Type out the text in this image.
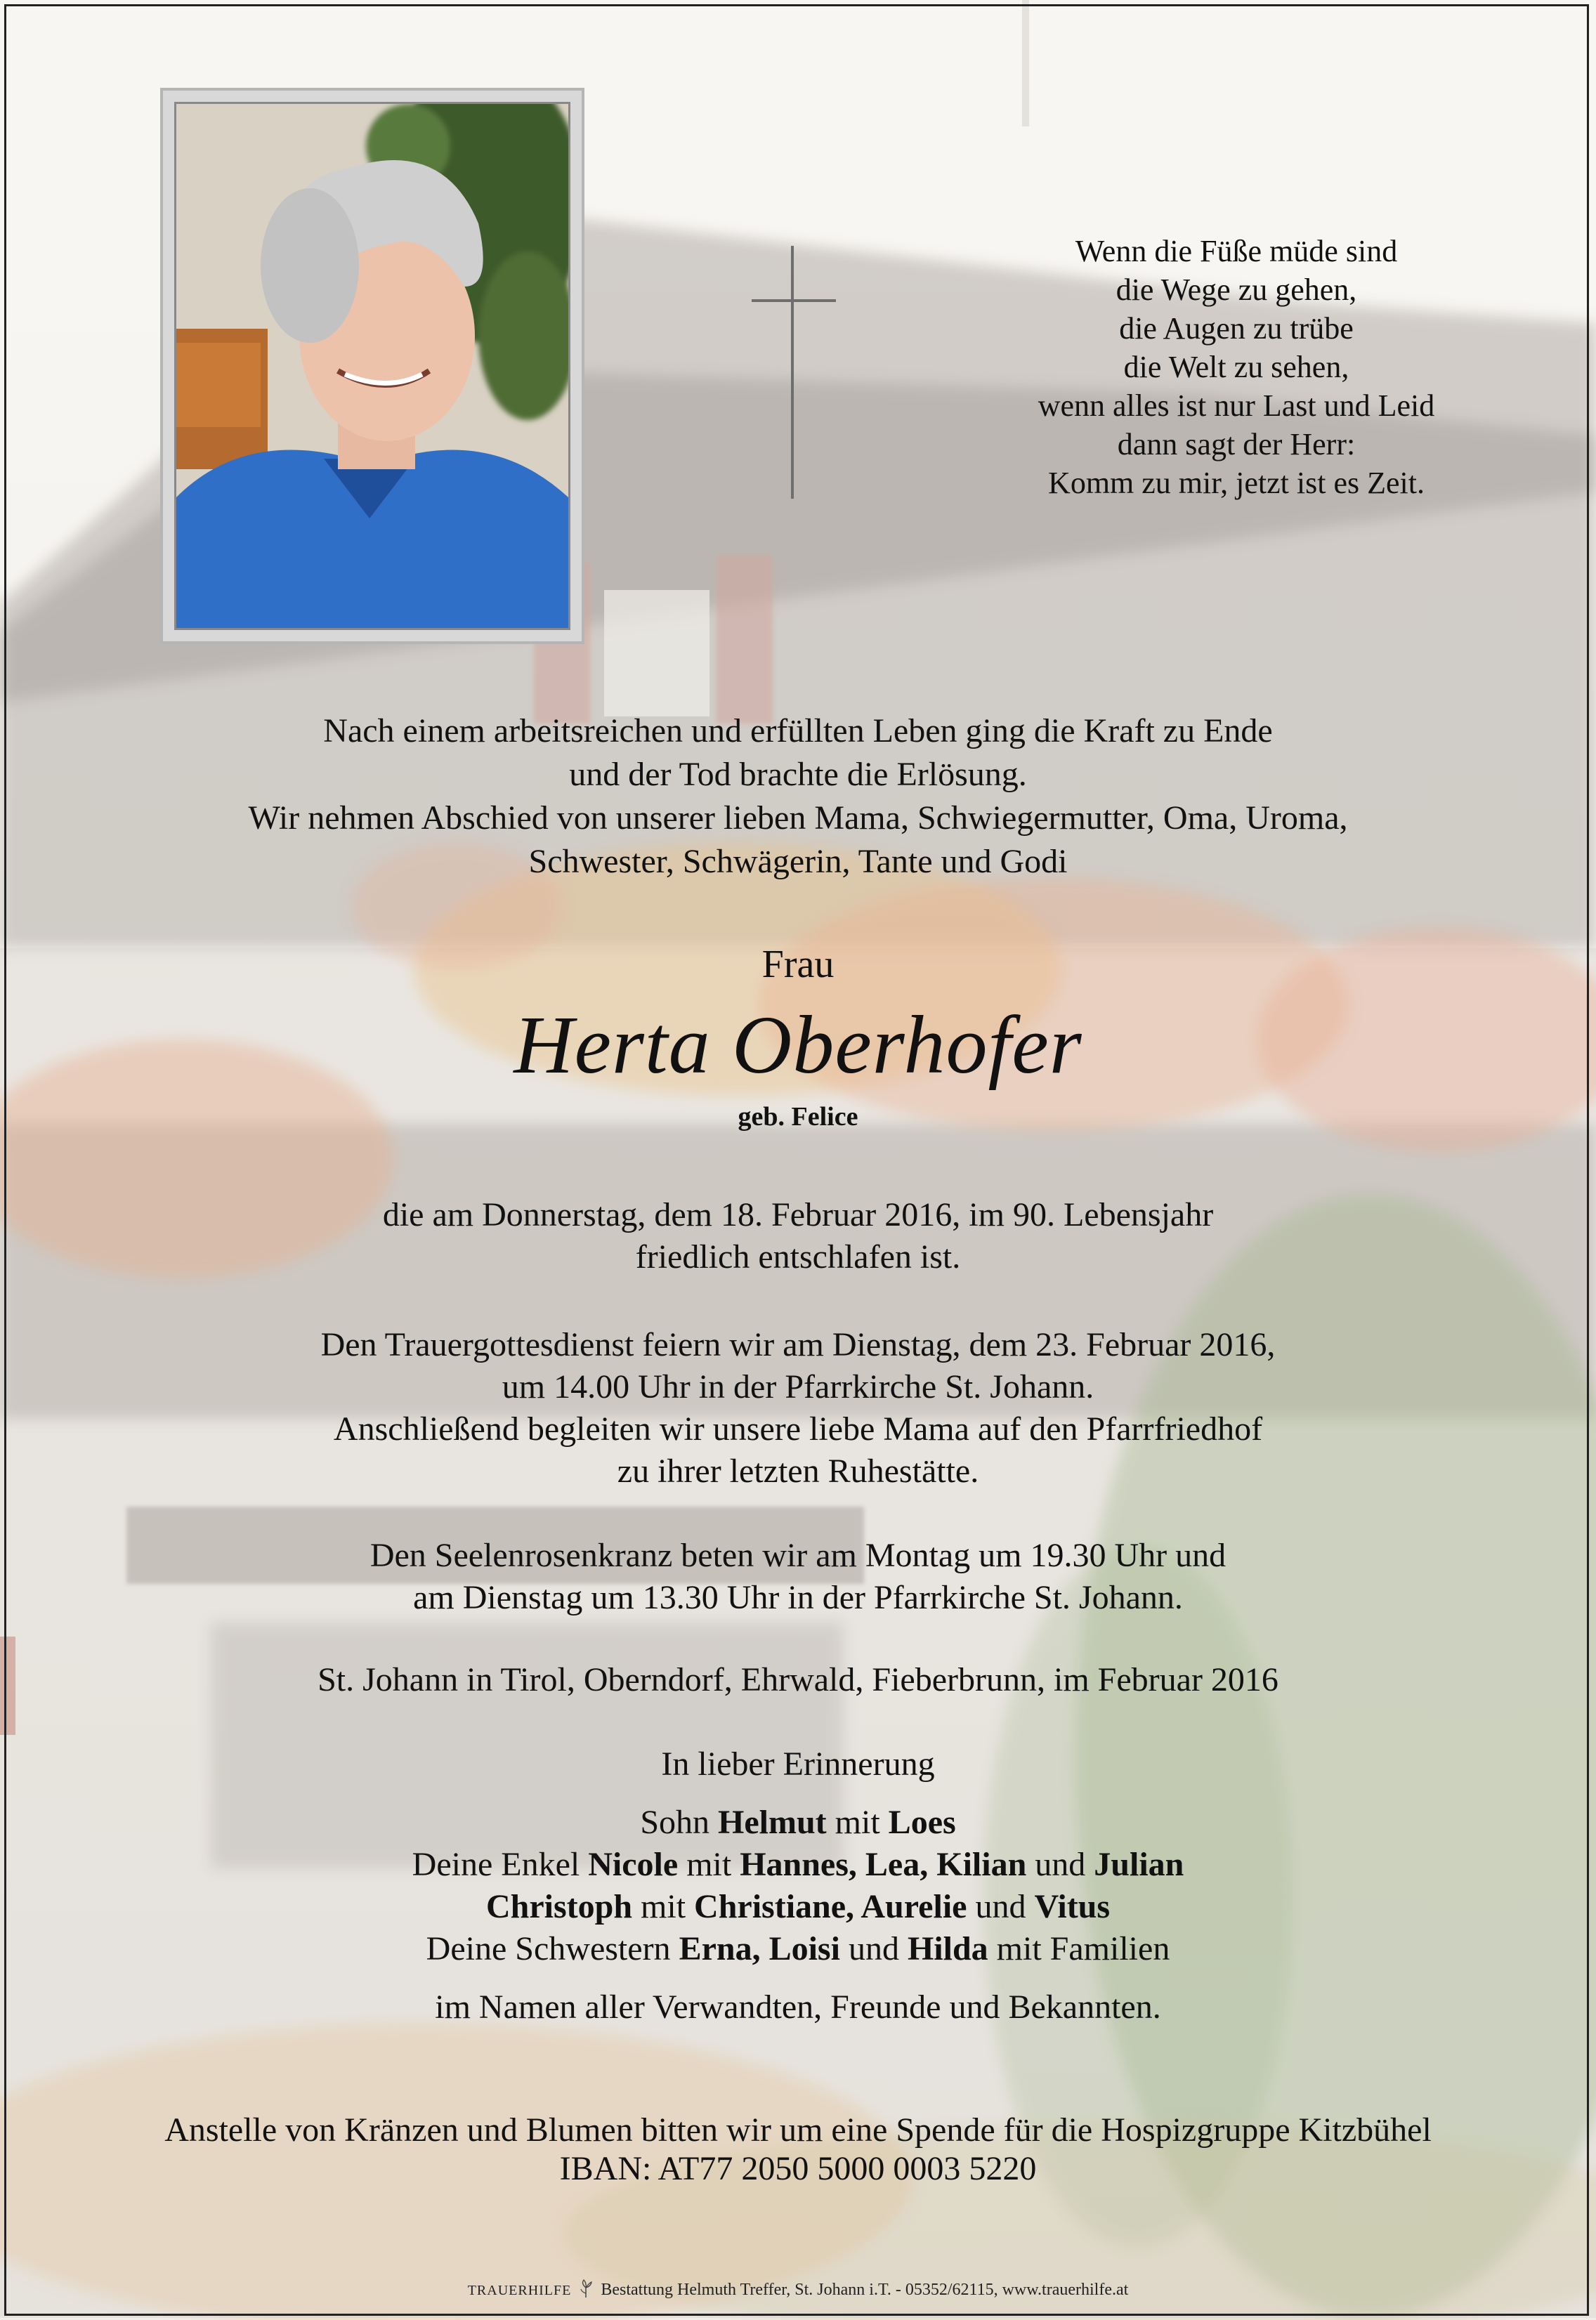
Wenn die Füße müde sind
die Wege zu gehen,
die Augen zu trübe
die Welt zu sehen,
wenn alles ist nur Last und Leid
dann sagt der Herr:
Komm zu mir, jetzt ist es Zeit.
Nach einem arbeitsreichen und erfüllten Leben ging die Kraft zu Ende
und der Tod brachte die Erlösung.
Wir nehmen Abschied von unserer lieben Mama, Schwiegermutter, Oma, Uroma,
Schwester, Schwägerin, Tante und Godi
Frau
Herta Oberhofer
geb. Felice
die am Donnerstag, dem 18. Februar 2016, im 90. Lebensjahr
friedlich entschlafen ist.
Den Trauergottesdienst feiern wir am Dienstag, dem 23. Februar 2016,
um 14.00 Uhr in der Pfarrkirche St. Johann.
Anschließend begleiten wir unsere liebe Mama auf den Pfarrfriedhof
zu ihrer letzten Ruhestätte.
Den Seelenrosenkranz beten wir am Montag um 19.30 Uhr und
am Dienstag um 13.30 Uhr in der Pfarrkirche St. Johann.
St. Johann in Tirol, Oberndorf, Ehrwald, Fieberbrunn, im Februar 2016
In lieber Erinnerung
Sohn Helmut mit Loes
Deine Enkel Nicole mit Hannes, Lea, Kilian und Julian
Christoph mit Christiane, Aurelie und Vitus
Deine Schwestern Erna, Loisi und Hilda mit Familien
im Namen aller Verwandten, Freunde und Bekannten.
Anstelle von Kränzen und Blumen bitten wir um eine Spende für die Hospizgruppe Kitzbühel
IBAN: AT77 2050 5000 0003 5220
TRAUERHILFE Bestattung Helmuth Treffer, St. Johann i.T. - 05352/62115, www.trauerhilfe.at
